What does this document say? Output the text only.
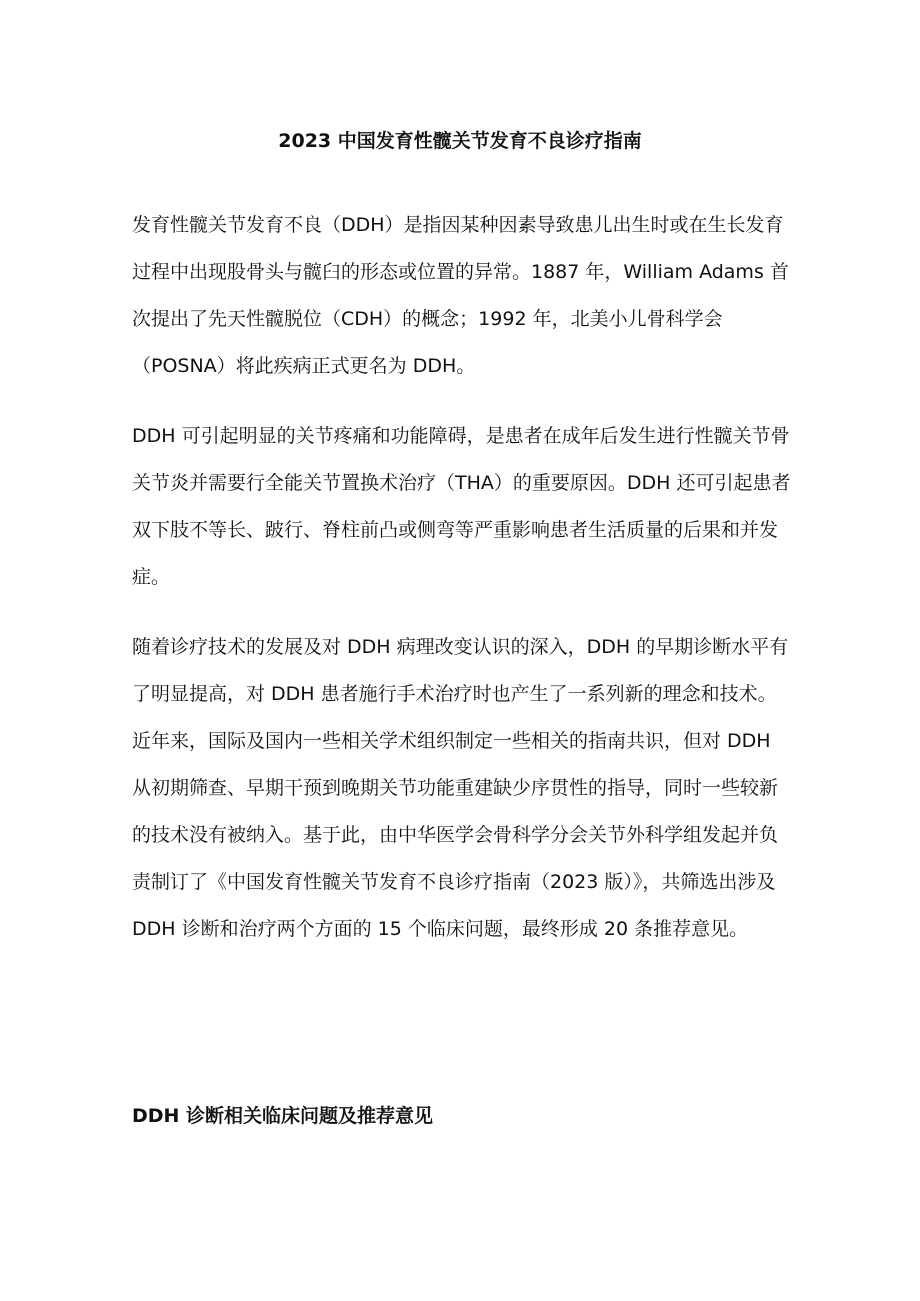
2023 中国发育性髋关节发育不良诊疗指南

发育性髋关节发育不良（DDH）是指因某种因素导致患儿出生时或在生长发育过程中出现股骨头与髋臼的形态或位置的异常。1887 年，William Adams 首次提出了先天性髋脱位（CDH）的概念；1992 年，北美小儿骨科学会（POSNA）将此疾病正式更名为 DDH。

DDH 可引起明显的关节疼痛和功能障碍，是患者在成年后发生进行性髋关节骨关节炎并需要行全能关节置换术治疗（THA）的重要原因。DDH 还可引起患者双下肢不等长、跛行、脊柱前凸或侧弯等严重影响患者生活质量的后果和并发症。

随着诊疗技术的发展及对 DDH 病理改变认识的深入，DDH 的早期诊断水平有了明显提高，对 DDH 患者施行手术治疗时也产生了一系列新的理念和技术。近年来，国际及国内一些相关学术组织制定一些相关的指南共识，但对 DDH 从初期筛查、早期干预到晚期关节功能重建缺少序贯性的指导，同时一些较新的技术没有被纳入。基于此，由中华医学会骨科学分会关节外科学组发起并负责制订了《中国发育性髋关节发育不良诊疗指南（2023 版）》，共筛选出涉及 DDH 诊断和治疗两个方面的 15 个临床问题，最终形成 20 条推荐意见。

DDH 诊断相关临床问题及推荐意见
